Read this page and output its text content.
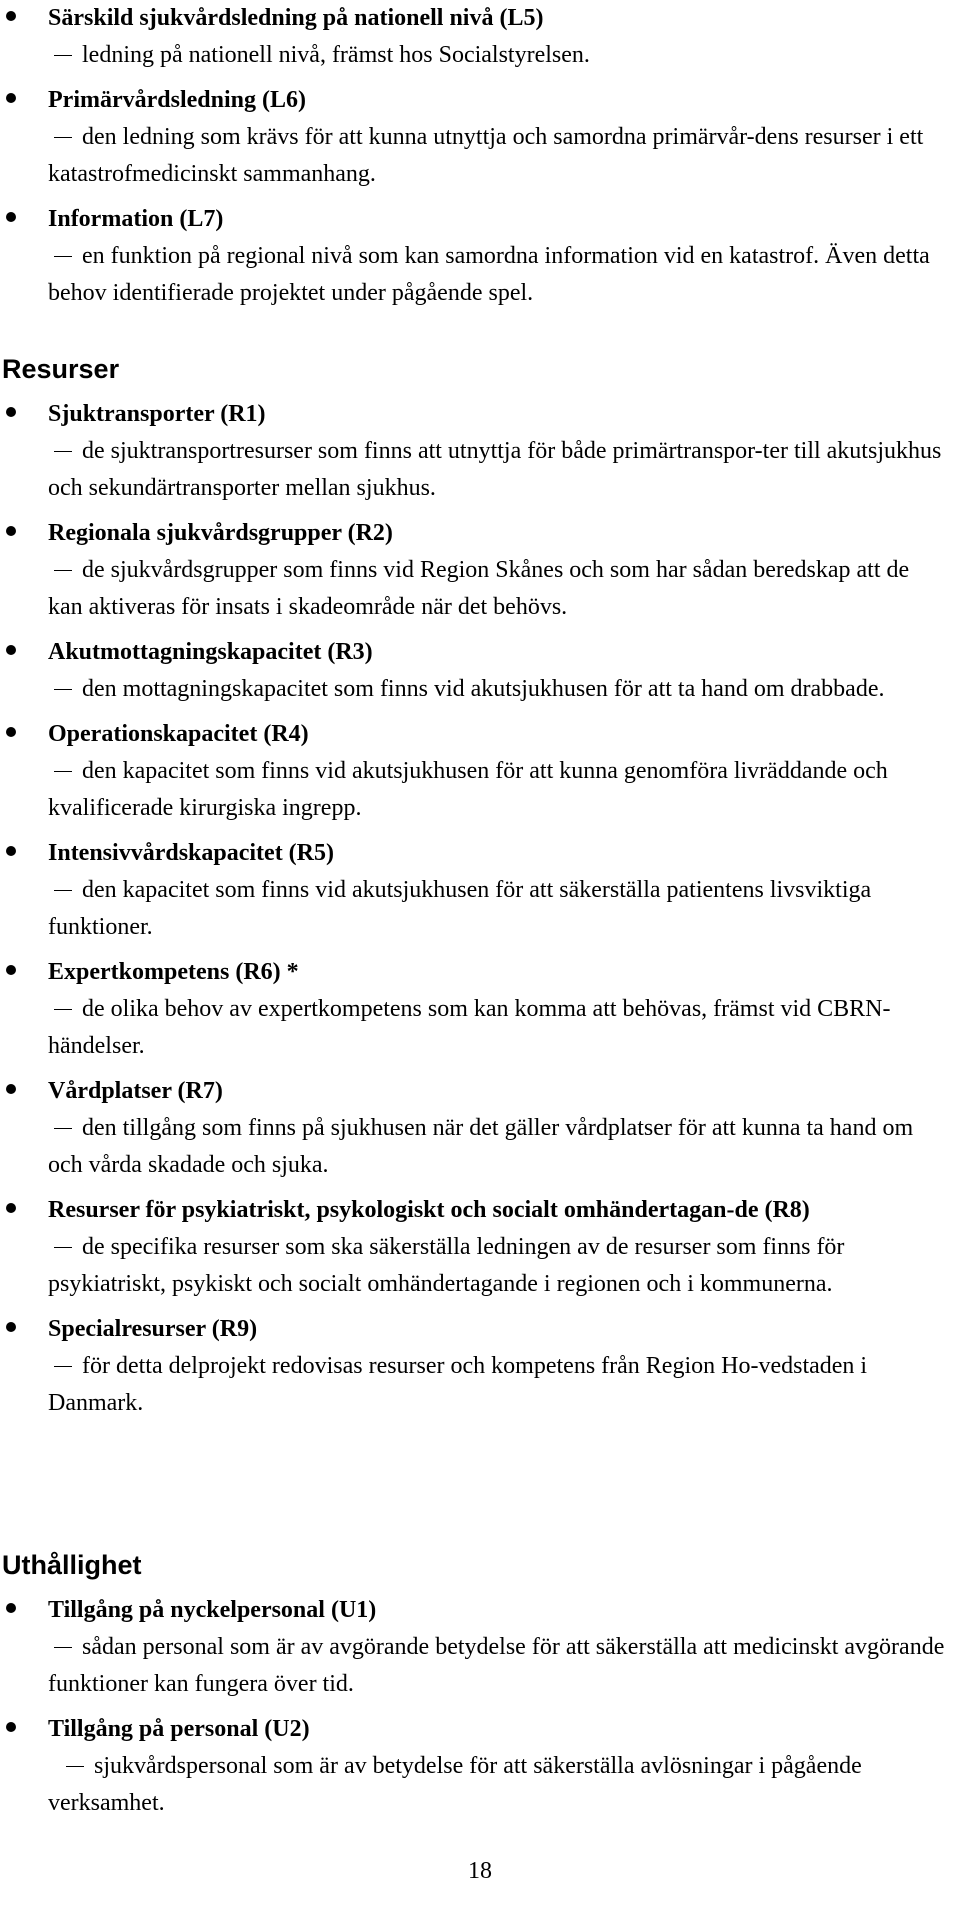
Särskild sjukvårdsledning på nationell nivå (L5)
ledning på nationell nivå, främst hos Socialstyrelsen.
Primärvårdsledning (L6)
den ledning som krävs för att kunna utnyttja och samordna primärvår-dens resurser i ett katastrofmedicinskt sammanhang.
Information (L7)
en funktion på regional nivå som kan samordna information vid en katastrof. Även detta behov identifierade projektet under pågående spel.
Resurser
Sjuktransporter (R1)
de sjuktransportresurser som finns att utnyttja för både primärtranspor-ter till akutsjukhus och sekundärtransporter mellan sjukhus.
Regionala sjukvårdsgrupper (R2)
de sjukvårdsgrupper som finns vid Region Skånes och som har sådan beredskap att de kan aktiveras för insats i skadeområde när det behövs.
Akutmottagningskapacitet (R3)
den mottagningskapacitet som finns vid akutsjukhusen för att ta hand om drabbade.
Operationskapacitet (R4)
den kapacitet som finns vid akutsjukhusen för att kunna genomföra livräddande och kvalificerade kirurgiska ingrepp.
Intensivvårdskapacitet (R5)
den kapacitet som finns vid akutsjukhusen för att säkerställa patientens livsviktiga funktioner.
Expertkompetens (R6) *
de olika behov av expertkompetens som kan komma att behövas, främst vid CBRN-händelser.
Vårdplatser (R7)
den tillgång som finns på sjukhusen när det gäller vårdplatser för att kunna ta hand om och vårda skadade och sjuka.
Resurser för psykiatriskt, psykologiskt och socialt omhändertagan-de (R8)
de specifika resurser som ska säkerställa ledningen av de resurser som finns för psykiatriskt, psykiskt och socialt omhändertagande i regionen och i kommunerna.
Specialresurser (R9)
för detta delprojekt redovisas resurser och kompetens från Region Ho-vedstaden i Danmark.
Uthållighet
Tillgång på nyckelpersonal (U1)
sådan personal som är av avgörande betydelse för att säkerställa att medicinskt avgörande funktioner kan fungera över tid.
Tillgång på personal (U2)
sjukvårdspersonal som är av betydelse för att säkerställa avlösningar i pågående verksamhet.
18
